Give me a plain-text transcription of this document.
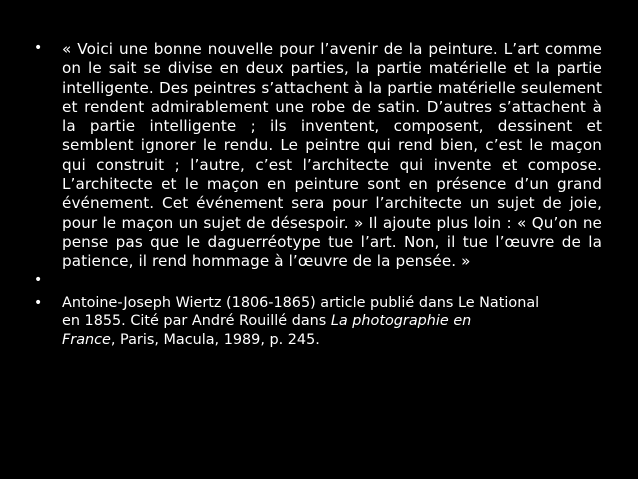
• « Voici une bonne nouvelle pour l’avenir de la peinture. L’art comme on le sait se divise en deux parties, la partie matérielle et la partie intelligente. Des peintres s’attachent à la partie matérielle seulement et rendent admirablement une robe de satin. D’autres s’attachent à la partie intelligente ; ils inventent, composent, dessinent et semblent ignorer le rendu. Le peintre qui rend bien, c’est le maçon qui construit ; l’autre, c’est l’architecte qui invente et compose. L’architecte et le maçon en peinture sont en présence d’un grand événement. Cet événement sera pour l’architecte un sujet de joie, pour le maçon un sujet de désespoir. » Il ajoute plus loin : « Qu’on ne pense pas que le daguerréotype tue l’art. Non, il tue l’œuvre de la patience, il rend hommage à l’œuvre de la pensée. »
•
• Antoine-Joseph Wiertz (1806-1865) article publié dans Le National
en 1855. Cité par André Rouillé dans La photographie en
France, Paris, Macula, 1989, p. 245.
